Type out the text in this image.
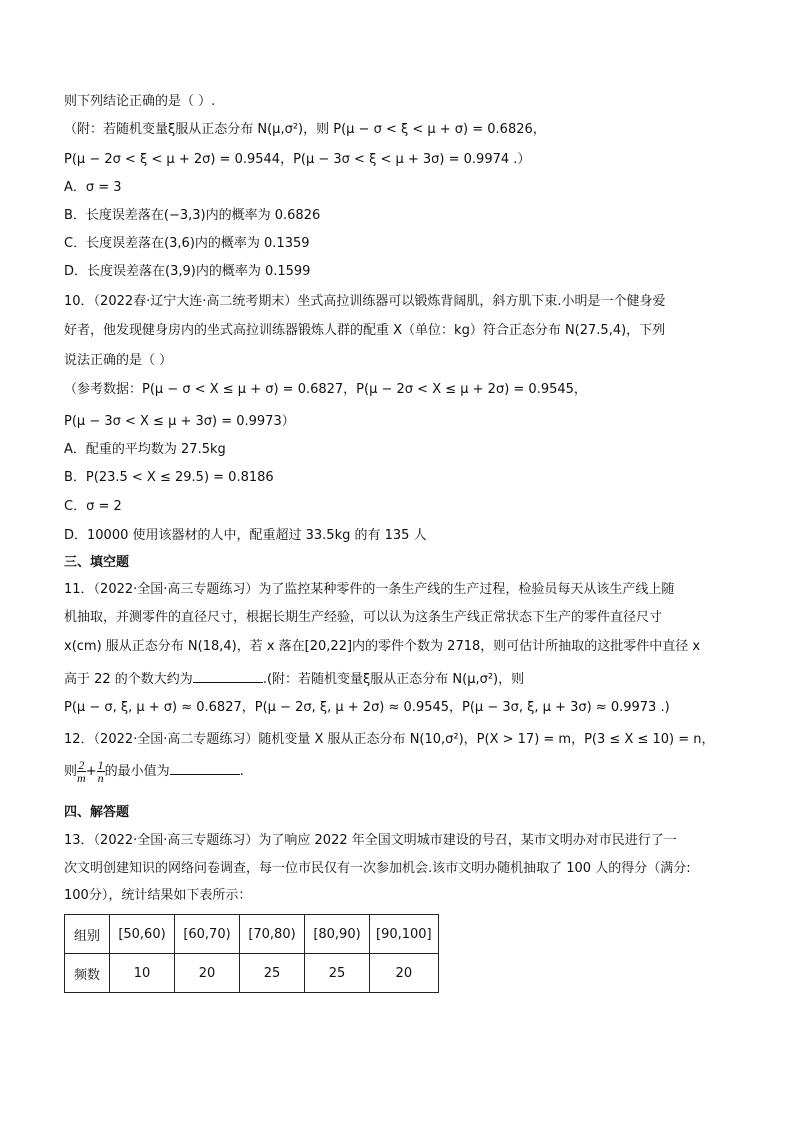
则下列结论正确的是（ ）.
（附：若随机变量ξ服从正态分布 N(μ,σ²)，则 P(μ − σ < ξ < μ + σ) = 0.6826，
P(μ − 2σ < ξ < μ + 2σ) = 0.9544，P(μ − 3σ < ξ < μ + 3σ) = 0.9974 .）
A．σ = 3
B．长度误差落在(−3,3)内的概率为 0.6826
C．长度误差落在(3,6)内的概率为 0.1359
D．长度误差落在(3,9)内的概率为 0.1599
10．（2022春·辽宁大连·高二统考期末）坐式高拉训练器可以锻炼背阔肌，斜方肌下束.小明是一个健身爱
好者，他发现健身房内的坐式高拉训练器锻炼人群的配重 X（单位：kg）符合正态分布 N(27.5,4)，下列
说法正确的是（ ）
（参考数据：P(μ − σ < X ≤ μ + σ) = 0.6827，P(μ − 2σ < X ≤ μ + 2σ) = 0.9545，
P(μ − 3σ < X ≤ μ + 3σ) = 0.9973）
A．配重的平均数为 27.5kg
B．P(23.5 < X ≤ 29.5) = 0.8186
C．σ = 2
D．10000 使用该器材的人中，配重超过 33.5kg 的有 135 人
三、填空题
11．（2022·全国·高三专题练习）为了监控某种零件的一条生产线的生产过程，检验员每天从该生产线上随
机抽取，并测零件的直径尺寸，根据长期生产经验，可以认为这条生产线正常状态下生产的零件直径尺寸
x(cm) 服从正态分布 N(18,4)，若 x 落在[20,22]内的零件个数为 2718，则可估计所抽取的这批零件中直径 x
高于 22 的个数大约为	.(附：若随机变量ξ服从正态分布 N(μ,σ²)，则
P(μ − σ, ξ, μ + σ) ≈ 0.6827，P(μ − 2σ, ξ, μ + 2σ) ≈ 0.9545，P(μ − 3σ, ξ, μ + 3σ) ≈ 0.9973 .)
12．（2022·全国·高二专题练习）随机变量 X 服从正态分布 N(10,σ²)，P(X > 17) = m，P(3 ≤ X ≤ 10) = n，
则 $\frac{2}{m} + \frac{1}{n}$ 的最小值为	.
四、解答题
13．（2022·全国·高三专题练习）为了响应 2022 年全国文明城市建设的号召，某市文明办对市民进行了一
次文明创建知识的网络问卷调查，每一位市民仅有一次参加机会.该市文明办随机抽取了 100 人的得分（满分:
100分），统计结果如下表所示：
组别	[50,60)	[60,70)	[70,80)	[80,90)	[90,100]
频数	10	20	25	25	20
